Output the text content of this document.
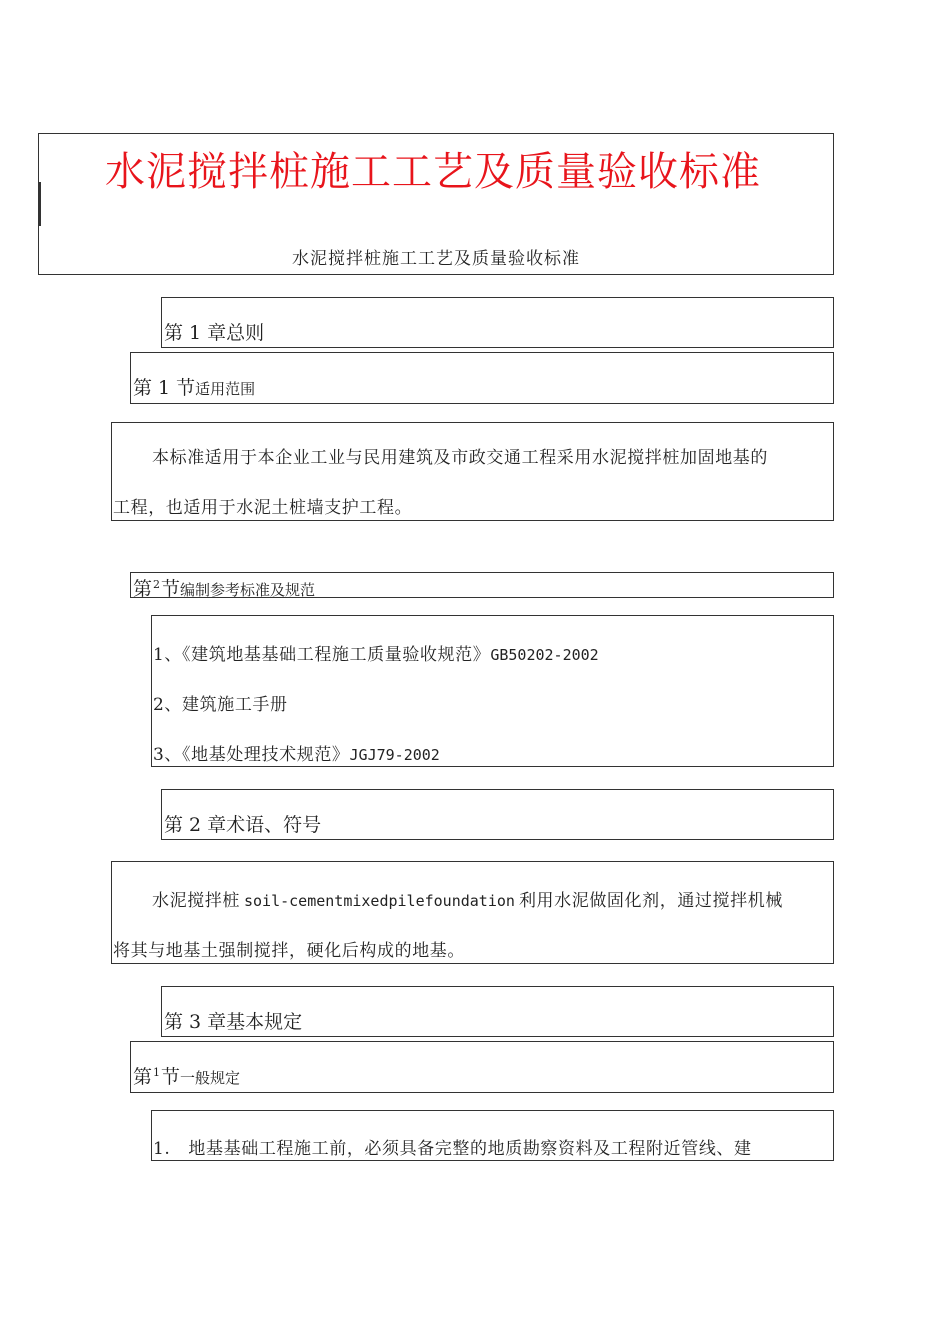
水泥搅拌桩施工工艺及质量验收标准
水泥搅拌桩施工工艺及质量验收标准
第 1 章总则
第 1 节适用范围
本标准适用于本企业工业与民用建筑及市政交通工程采用水泥搅拌桩加固地基的
工程，也适用于水泥土桩墙支护工程。
第$^2$节编制参考标准及规范
1、《建筑地基基础工程施工质量验收规范》GB50202-2002
2、建筑施工手册
3、《地基处理技术规范》JGJ79-2002
第 2 章术语、符号
水泥搅拌桩 soil-cementmixedpilefoundation 利用水泥做固化剂，通过搅拌机械
将其与地基土强制搅拌，硬化后构成的地基。
第 3 章基本规定
第$^1$节一般规定
1. 地基基础工程施工前，必须具备完整的地质勘察资料及工程附近管线、建
